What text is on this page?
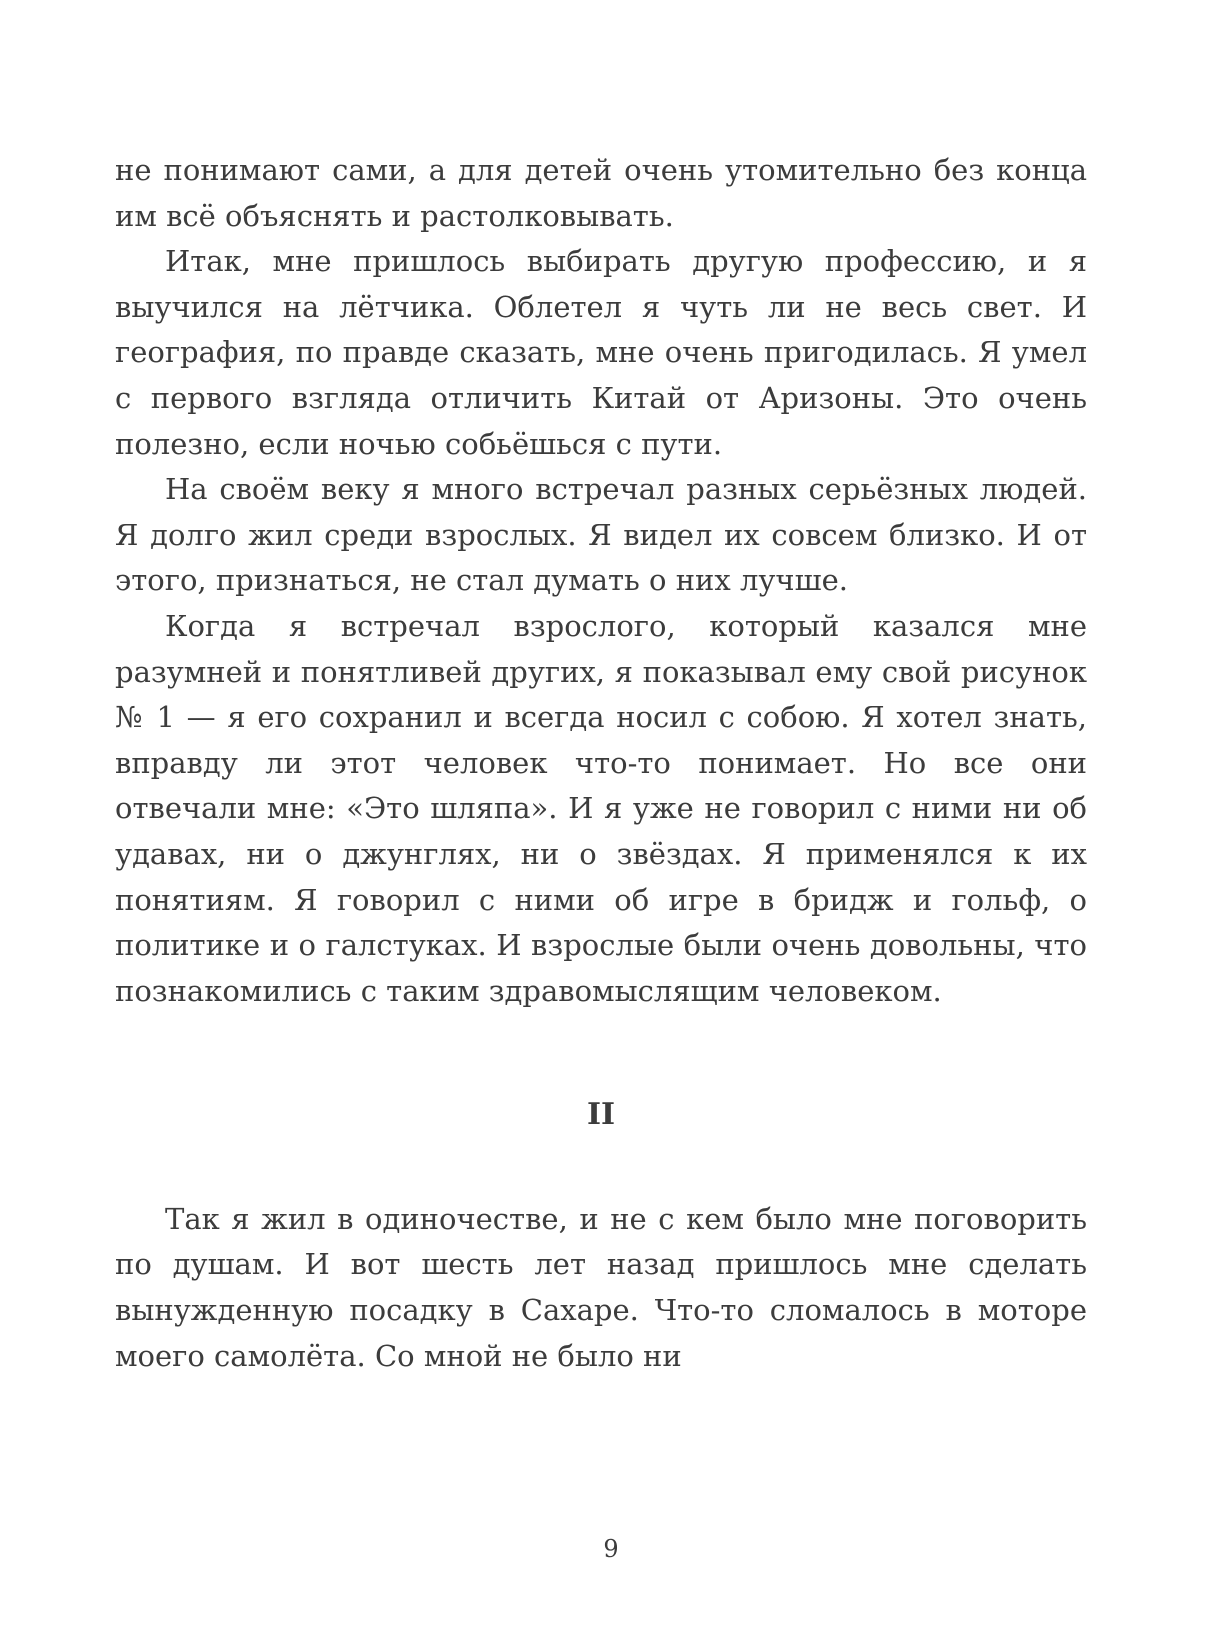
не понимают сами, а для детей очень утомительно без конца им всё объяснять и растолковывать.

Итак, мне пришлось выбирать другую профессию, и я выучился на лётчика. Облетел я чуть ли не весь свет. И география, по правде сказать, мне очень пригодилась. Я умел с первого взгляда отличить Китай от Аризоны. Это очень полезно, если ночью собьёшься с пути.

На своём веку я много встречал разных серьёзных людей. Я долго жил среди взрослых. Я видел их совсем близко. И от этого, признаться, не стал думать о них лучше.

Когда я встречал взрослого, который казался мне разумней и понятливей других, я показывал ему свой рисунок № 1 — я его сохранил и всегда носил с собою. Я хотел знать, вправду ли этот человек что-то понимает. Но все они отвечали мне: «Это шляпа». И я уже не говорил с ними ни об удавах, ни о джунглях, ни о звёздах. Я применялся к их понятиям. Я говорил с ними об игре в бридж и гольф, о политике и о галстуках. И взрослые были очень довольны, что познакомились с таким здравомыслящим человеком.

II

Так я жил в одиночестве, и не с кем было мне поговорить по душам. И вот шесть лет назад пришлось мне сделать вынужденную посадку в Сахаре. Что-то сломалось в моторе моего самолёта. Со мной не было ни

9
